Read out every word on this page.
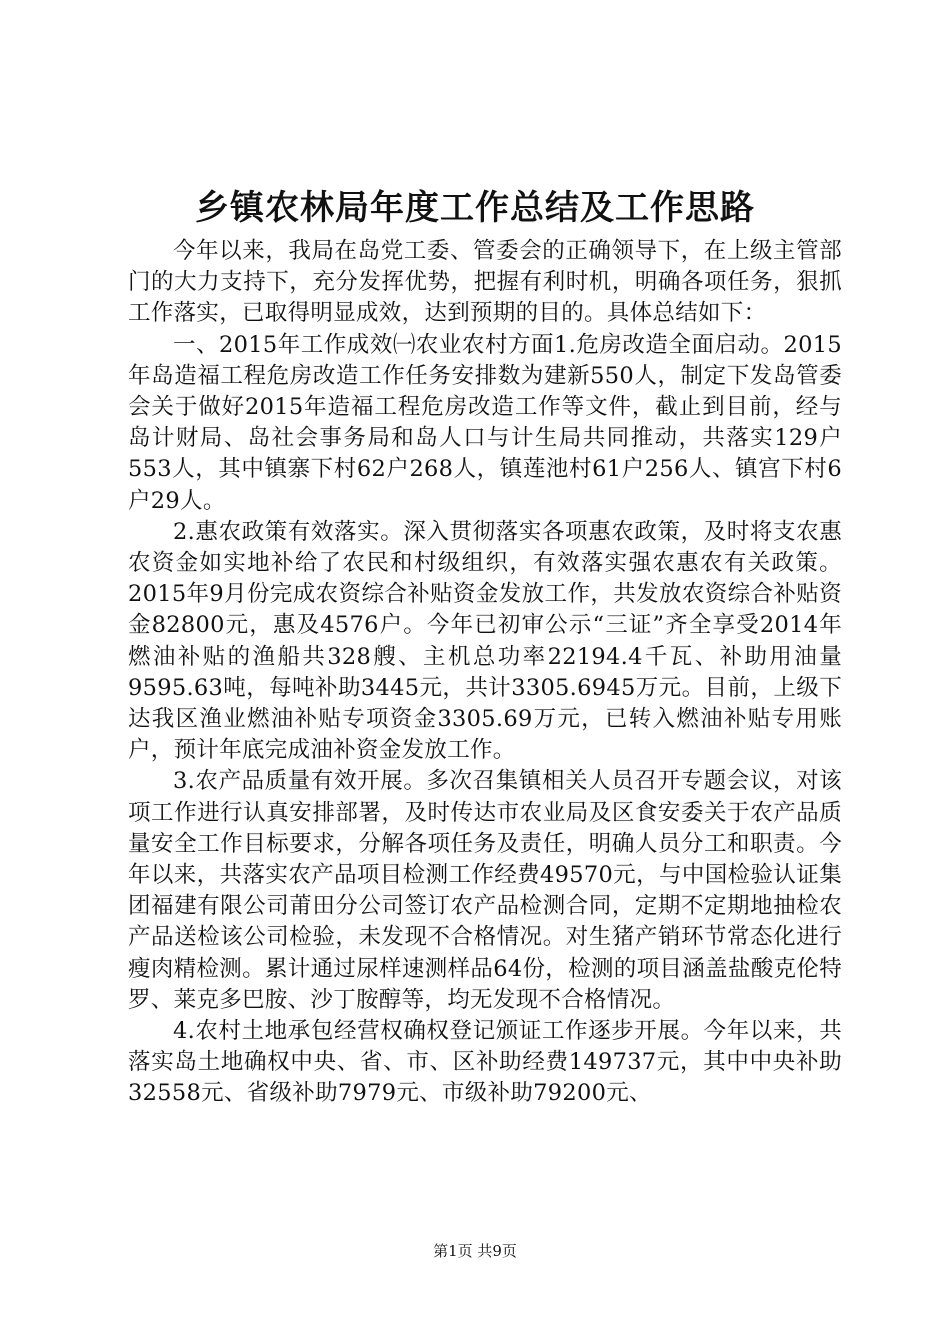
乡镇农林局年度工作总结及工作思路

今年以来，我局在岛党工委、管委会的正确领导下，在上级主管部门的大力支持下，充分发挥优势，把握有利时机，明确各项任务，狠抓工作落实，已取得明显成效，达到预期的目的。具体总结如下：

一、2015年工作成效㈠农业农村方面1.危房改造全面启动。2015年岛造福工程危房改造工作任务安排数为建新550人，制定下发岛管委会关于做好2015年造福工程危房改造工作等文件，截止到目前，经与岛计财局、岛社会事务局和岛人口与计生局共同推动，共落实129户553人，其中镇寨下村62户268人，镇莲池村61户256人、镇宫下村6户29人。

2.惠农政策有效落实。深入贯彻落实各项惠农政策，及时将支农惠农资金如实地补给了农民和村级组织，有效落实强农惠农有关政策。2015年9月份完成农资综合补贴资金发放工作，共发放农资综合补贴资金82800元，惠及4576户。今年已初审公示“三证”齐全享受2014年燃油补贴的渔船共328艘、主机总功率22194.4千瓦、补助用油量9595.63吨，每吨补助3445元，共计3305.6945万元。目前，上级下达我区渔业燃油补贴专项资金3305.69万元，已转入燃油补贴专用账户，预计年底完成油补资金发放工作。

3.农产品质量有效开展。多次召集镇相关人员召开专题会议，对该项工作进行认真安排部署，及时传达市农业局及区食安委关于农产品质量安全工作目标要求，分解各项任务及责任，明确人员分工和职责。今年以来，共落实农产品项目检测工作经费49570元，与中国检验认证集团福建有限公司莆田分公司签订农产品检测合同，定期不定期地抽检农产品送检该公司检验，未发现不合格情况。对生猪产销环节常态化进行瘦肉精检测。累计通过尿样速测样品64份，检测的项目涵盖盐酸克伦特罗、莱克多巴胺、沙丁胺醇等，均无发现不合格情况。

4.农村土地承包经营权确权登记颁证工作逐步开展。今年以来，共落实岛土地确权中央、省、市、区补助经费149737元，其中中央补助32558元、省级补助7979元、市级补助79200元、

第1页 共9页
